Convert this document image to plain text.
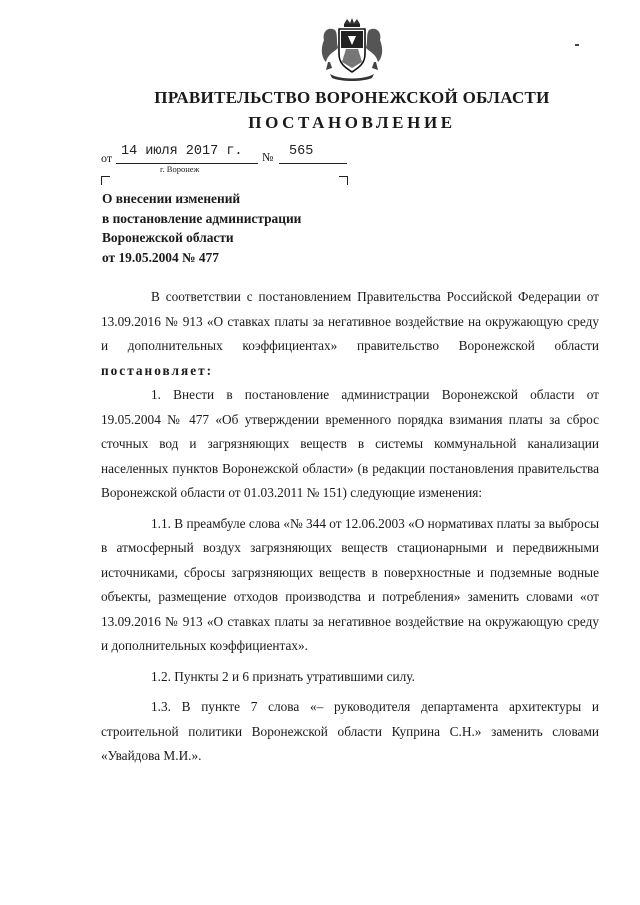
ПРАВИТЕЛЬСТВО ВОРОНЕЖСКОЙ ОБЛАСТИ
ПОСТАНОВЛЕНИЕ
от 14 июля 2017 г. № 565
г. Воронеж
О внесении изменений
в постановление администрации
Воронежской области
от 19.05.2004 № 477

В соответствии с постановлением Правительства Российской Федерации от 13.09.2016 № 913 «О ставках платы за негативное воздействие на окружающую среду и дополнительных коэффициентах» правительство Воронежской области постановляет:

1. Внести в постановление администрации Воронежской области от 19.05.2004 № 477 «Об утверждении временного порядка взимания платы за сброс сточных вод и загрязняющих веществ в системы коммунальной канализации населенных пунктов Воронежской области» (в редакции постановления правительства Воронежской области от 01.03.2011 № 151) следующие изменения:

1.1. В преамбуле слова «№ 344 от 12.06.2003 «О нормативах платы за выбросы в атмосферный воздух загрязняющих веществ стационарными и передвижными источниками, сбросы загрязняющих веществ в поверхностные и подземные водные объекты, размещение отходов производства и потребления» заменить словами «от 13.09.2016 № 913 «О ставках платы за негативное воздействие на окружающую среду и дополнительных коэффициентах».

1.2. Пункты 2 и 6 признать утратившими силу.

1.3. В пункте 7 слова «– руководителя департамента архитектуры и строительной политики Воронежской области Куприна С.Н.» заменить словами «Увайдова М.И.».
